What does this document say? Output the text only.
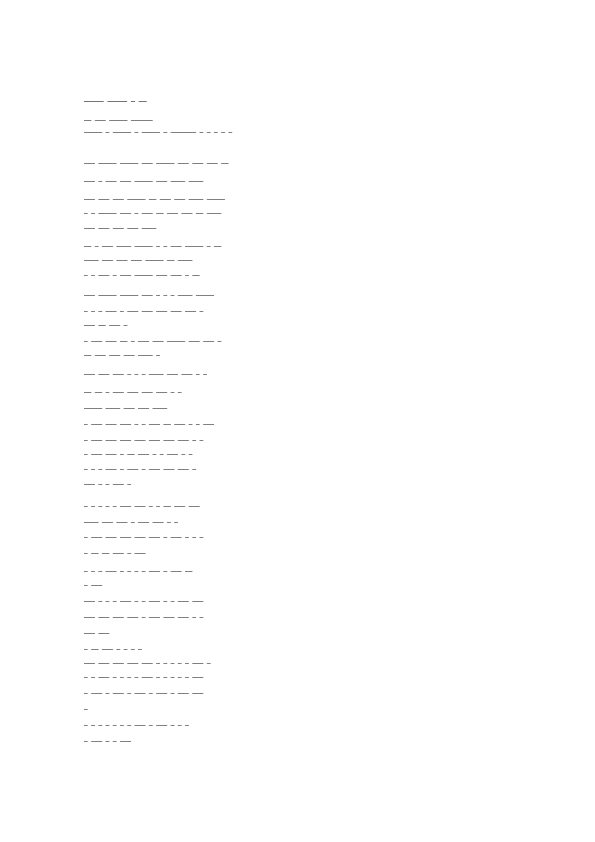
ــ ـ ـــــ ـــــ
ــــــ ـــــ ـــ ــ
ـ ـ ـ ـ ـ ـــــــ ـ ـــــ ـ ـــــ ـ ـــــ
ــ ـــ ـــ ـــ ـــــ ـــ ـــــ ـــــ ـــ
ــــ ــــ ـــ ـــــ ـــ ـــ ـ ـــ
ـــــ ــــ ـــ ـــ ــ ـــــ ـــ ـــ ـــ
ــــ ــ ـــ ـــ ــ ـــ ـ ـــ ـــــ ـ ـ
ــــ ـــ ـــ ـــ ـــ
ــ ـ ـــــ ـــ ـ ـ ـــــ ــــ ـــ ـ ــ
ــــ ــ ـــــ ـــ ـــ ـــ ــــ
ــ ـ ـــ ـــ ـــــ ـــ ـ ـــ ـ ـ
ـــــ ــــ ـ ـ ـ ـــ ـــــ ـــــ ـــ
ـ ـــ ـــ ـــ ـــ ـــ ـ ـــ ـ ـ ـ
ـ ـــ ــ ـــ
ـ ـــ ـــ ـــــ ـــ ـــ ـ ــ ـــ ـــ ـ
ـ ــــ ـــ ـــ ـــ ــ
ـ ـ ـــ ـــ ــــ ـ ـ ـ ـــ ـــ ـــ
ـ ـ ـــ ـــ ـــ ـــ ـ ــ ــ
ــــ ـــ ـــ ــــ ـــــ
ـــ ـ ـ ـــ ــ ـــ ـ ـ ـــ ـــ ـــ ـ
ـ ـ ـــ ـــ ـــ ـــ ـــ ـــ ـــ ـ
ـ ـ ـــ ـ ـ ـــ ــ ـ ـــ ـــ ـ
ـ ـــ ـــ ـــ ـ ـــ ـ ـــ ـ ـ ـ
ـ ـــ ـ ـ ـــ
ـــ ـــ ــ ـ ـ ـــ ـــ ـ ـ ـ ـ ـ
ـ ـ ـــ ـــ ـ ـــ ـــ ــــ
ـ ـ ـ ـــ ـ ـــ ـــ ـــ ـــ ـــ ـ
ـــ ـ ـــ ــ ــ ـ
ــ ـــ ـ ـــ ـ ـ ـ ـ ـــ ـ ـ ـ
ـــ ـ
ـــ ـــ ـ ـ ـــ ـ ـ ـــ ـ ـ ـ ـــ
ـ ـ ـــ ـــ ـــ ـ ـــ ـــ ـــ ـــ
ـــ ـــ
ـ ـ ـ ـ ـــ ــ ـ
ـ ـــ ـ ـ ـ ـ ـ ـــ ـــ ـــ ـــ ـــ
ـــ ـ ـ ـ ـ ـ ـــ ـ ـ ـ ـ ـــ ـ ـ
ـــ ـــ ـ ـــ ـ ـــ ـ ـــ ـ ـــ ـ
ـ
ـ ـ ـ ـــ ـ ـــ ـ ـ ـ ـ ـ ـ ـ
ـــ ـ ـ ـــ ـ
